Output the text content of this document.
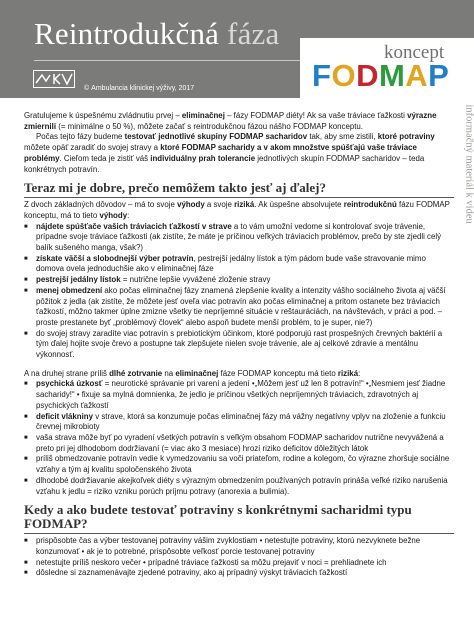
Reintrodukčná fáza
© Ambulancia klinickej výživy, 2017
koncept
FODMAP
informačný materiál k videu

Gratulujeme k úspešnému zvládnutiu prvej – eliminačnej – fázy FODMAP diéty! Ak sa vaše tráviace ťažkosti výrazne zmiernili (= minimálne o 50 %), môžete začať s reintrodukčnou fázou nášho FODMAP konceptu.

Počas tejto fázy budeme testovať jednotlivé skupiny FODMAP sacharidov tak, aby sme zistili, ktoré potraviny môžete opäť zaradiť do svojej stravy a ktoré FODMAP sacharidy a v akom množstve spúšťajú vaše tráviace problémy. Cieľom teda je zistiť váš individuálny prah tolerancie jednotlivých skupín FODMAP sacharidov – teda konkrétnych potravín.

Teraz mi je dobre, prečo nemôžem takto jesť aj ďalej?

Z dvoch základných dôvodov – má to svoje výhody a svoje riziká. Ak úspešne absolvujete reintrodukčnú fázu FODMAP konceptu, má to tieto výhody:

■ nájdete spúšťače vašich tráviacich ťažkostí v strave a to vám umožní vedome si kontrolovať svoje trávenie, prípadne svoje tráviace ťažkosti (ak zistíte, že máte je príčinou veľkých tráviacich problémov, prečo by ste zjedli celý balík sušeného manga, však?)
■ získate väčší a slobodnejší výber potravín, pestrejší jedálny lístok a tým pádom bude vaše stravovanie mimo domova ovela jednoduchšie ako v eliminačnej fáze
■ pestrejší jedálny lístok = nutrične lepšie vyvážené zloženie stravy
■ menej obmedzení ako počas eliminačnej fázy znamená zlepšenie kvality a intenzity vášho sociálneho života aj väčší pôžitok z jedla (ak zistíte, že môžete jesť oveľa viac potravín ako počas eliminačnej a pritom ostanete bez tráviacich ťažkostí, môžno takmer úplne zmizne všetky tie nepríjemné situácie v reštauráciách, na návštevách, v práci a pod. – proste prestanete byť „problémový človek“ alebo aspoň budete menší problém, to je super, nie?)
■ do svojej stravy zaradíte viac potravín s prebiotickým účinkom, ktoré podporujú rast prospešných črevných baktérií a tým ďalej hojite svoje črevo a postupne tak zlepšujete nielen svoje trávenie, ale aj celkové zdravie a mentálnu výkonnosť.

A na druhej strane príliš dlhé zotrvanie na eliminačnej fáze FODMAP konceptu má tieto riziká:

■ psychická úzkosť = neurotické správanie pri varení a jedení •„Môžem jesť už len 8 potravín!“ •„Nesmiem jesť žiadne sacharidy!“ • fixuje sa mylná domnienka, že jedlo je príčinou všetkých nepríjemných tráviacich, zdravotných aj psychických ťažkostí
■ deficit vlákniny v strave, ktorá sa konzumuje počas eliminačnej fázy má vážny negatívny vplyv na zloženie a funkciu črevnej mikrobioty
■ vaša strava môže byť po vyradení všetkých potravín s veľkým obsahom FODMAP sacharidov nutrične nevyvážená a preto pri jej dlhodobom dodržiavaní (= viac ako 3 mesiace) hrozí riziko deficitov dôležitých látok
■ príliš obmedzovanie potravín vedie k vymedzovaniu sa voči priateľom, rodine a kolegom, čo výrazne zhoršuje sociálne vzťahy a tým aj kvalitu spoločenského života
■ dlhodobé dodržiavanie akejkoľvek diéty s výrazným obmedzením používaných potravín prináša veľké riziko narušenia vzťahu k jedlu = riziko vzniku porúch príjmu potravy (anorexia a bulimia).
Kedy a ako budete testovať potraviny s konkrétnymi sacharidmi typu FODMAP?
■ prispôsobte čas a výber testovanej potraviny vášim zvyklostiam • netestujte potraviny, ktorú nezvyknete bežne konzumovať • ak je to potrebné, prispôsobte veľkosť porcie testovanej potraviny
■ netestujte príliš neskoro večer • prípadné tráviace ťažkosti sa môžu prejaviť v noci = prehliadnete ich
■ dôsledne si zaznamenávajte zjedené potraviny, ako aj prípadný výskyt tráviacich ťažkostí
